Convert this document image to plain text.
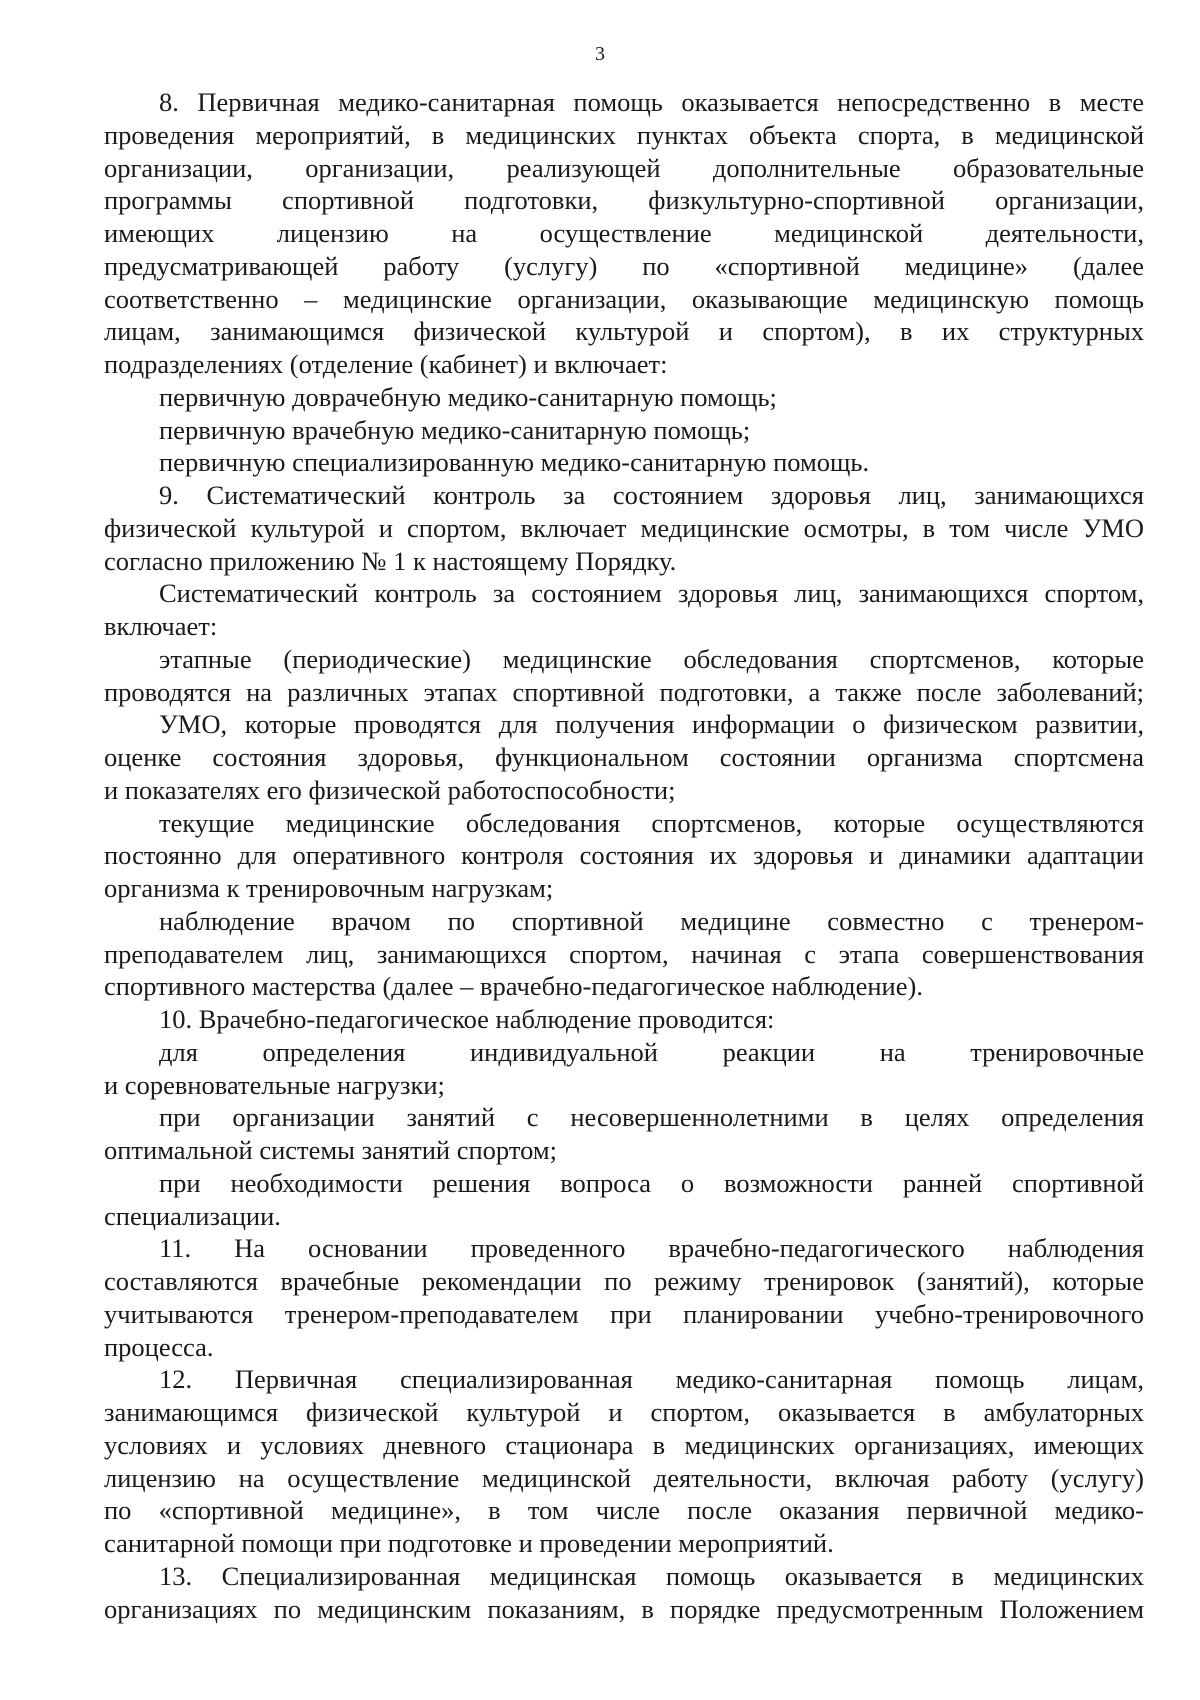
3
8. Первичная медико-санитарная помощь оказывается непосредственно в месте
проведения мероприятий, в медицинских пунктах объекта спорта, в медицинской
организации, организации, реализующей дополнительные образовательные
программы спортивной подготовки, физкультурно-спортивной организации,
имеющих лицензию на осуществление медицинской деятельности,
предусматривающей работу (услугу) по «спортивной медицине» (далее
соответственно – медицинские организации, оказывающие медицинскую помощь
лицам, занимающимся физической культурой и спортом), в их структурных
подразделениях (отделение (кабинет) и включает:
первичную доврачебную медико-санитарную помощь;
первичную врачебную медико-санитарную помощь;
первичную специализированную медико-санитарную помощь.
9. Систематический контроль за состоянием здоровья лиц, занимающихся
физической культурой и спортом, включает медицинские осмотры, в том числе УМО
согласно приложению № 1 к настоящему Порядку.
Систематический контроль за состоянием здоровья лиц, занимающихся спортом,
включает:
этапные (периодические) медицинские обследования спортсменов, которые
проводятся на различных этапах спортивной подготовки, а также после заболеваний;
УМО, которые проводятся для получения информации о физическом развитии,
оценке состояния здоровья, функциональном состоянии организма спортсмена
и показателях его физической работоспособности;
текущие медицинские обследования спортсменов, которые осуществляются
постоянно для оперативного контроля состояния их здоровья и динамики адаптации
организма к тренировочным нагрузкам;
наблюдение врачом по спортивной медицине совместно с тренером-
преподавателем лиц, занимающихся спортом, начиная с этапа совершенствования
спортивного мастерства (далее – врачебно-педагогическое наблюдение).
10. Врачебно-педагогическое наблюдение проводится:
для определения индивидуальной реакции на тренировочные
и соревновательные нагрузки;
при организации занятий с несовершеннолетними в целях определения
оптимальной системы занятий спортом;
при необходимости решения вопроса о возможности ранней спортивной
специализации.
11. На основании проведенного врачебно-педагогического наблюдения
составляются врачебные рекомендации по режиму тренировок (занятий), которые
учитываются тренером-преподавателем при планировании учебно-тренировочного
процесса.
12. Первичная специализированная медико-санитарная помощь лицам,
занимающимся физической культурой и спортом, оказывается в амбулаторных
условиях и условиях дневного стационара в медицинских организациях, имеющих
лицензию на осуществление медицинской деятельности, включая работу (услугу)
по «спортивной медицине», в том числе после оказания первичной медико-
санитарной помощи при подготовке и проведении мероприятий.
13. Специализированная медицинская помощь оказывается в медицинских
организациях по медицинским показаниям, в порядке предусмотренным Положением
